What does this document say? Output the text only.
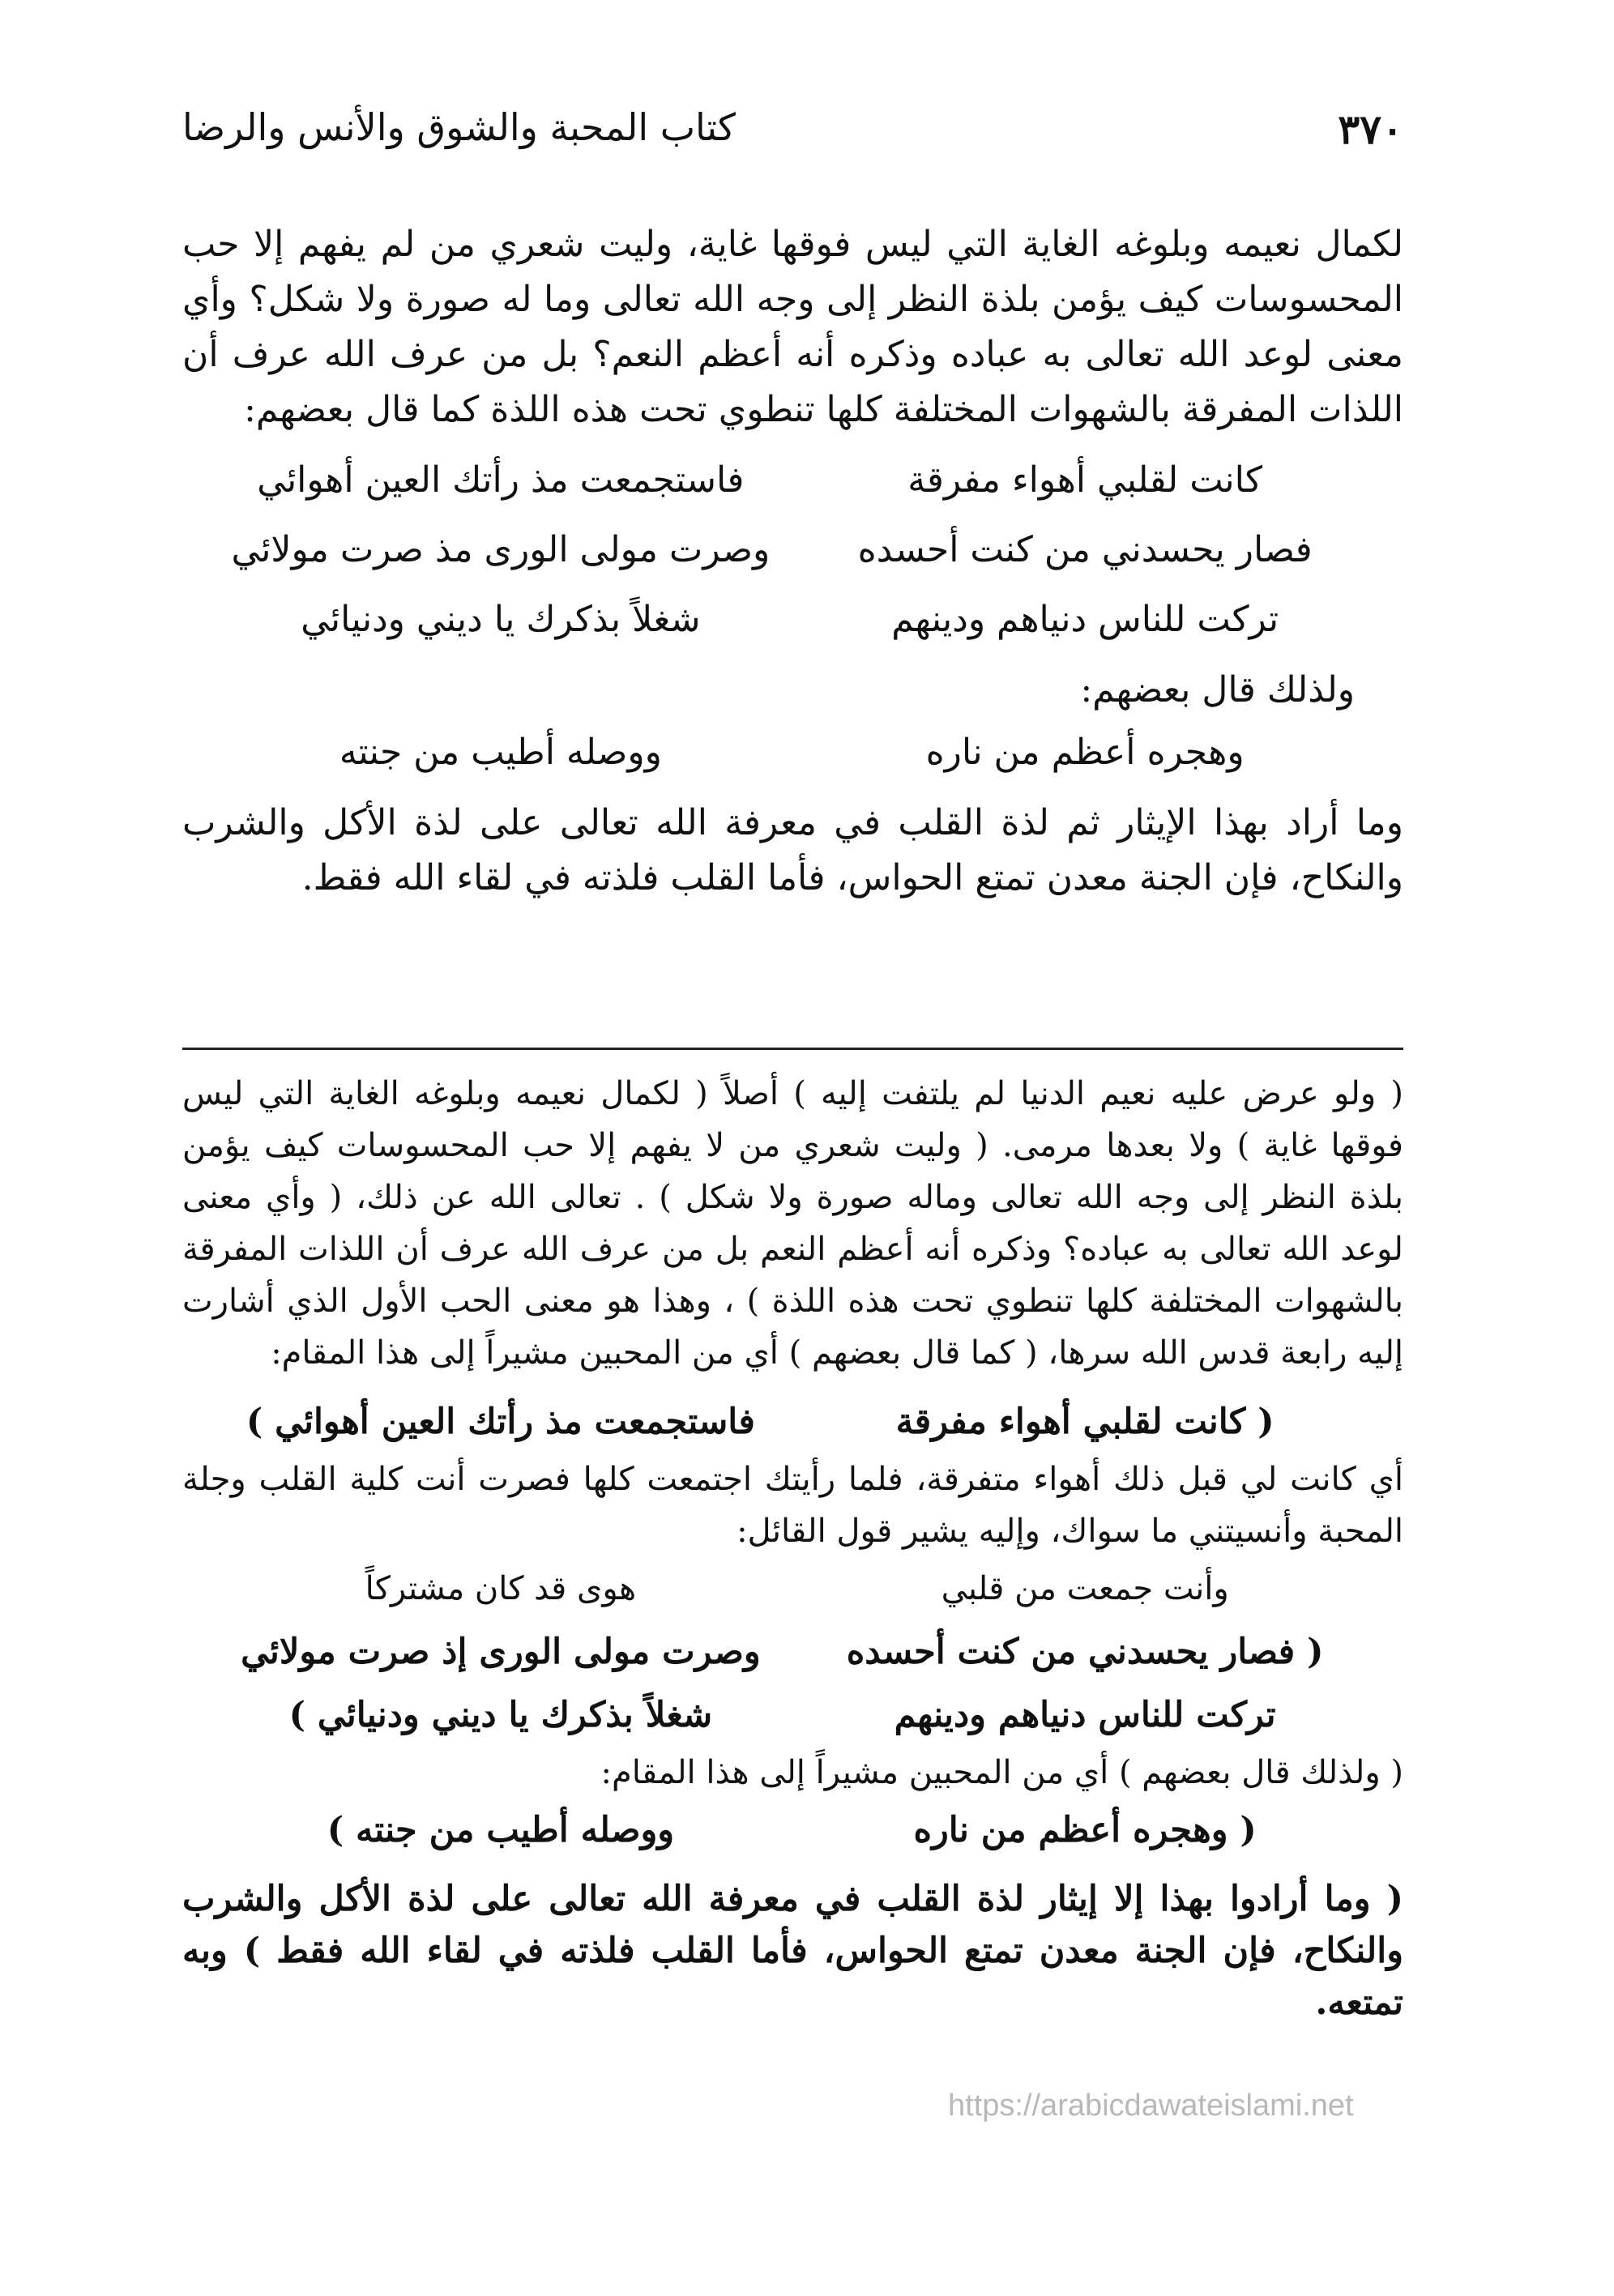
٣٧٠
كتاب المحبة والشوق والأنس والرضا

لكمال نعيمه وبلوغه الغاية التي ليس فوقها غاية، وليت شعري من لم يفهم إلا حب المحسوسات كيف يؤمن بلذة النظر إلى وجه الله تعالى وما له صورة ولا شكل؟ وأي معنى لوعد الله تعالى به عباده وذكره أنه أعظم النعم؟ بل من عرف الله عرف أن اللذات المفرقة بالشهوات المختلفة كلها تنطوي تحت هذه اللذة كما قال بعضهم:

كانت لقلبي أهواء مفرقة
فاستجمعت مذ رأتك العين أهوائي
فصار يحسدني من كنت أحسده
وصرت مولى الورى مذ صرت مولائي
تركت للناس دنياهم ودينهم
شغلاً بذكرك يا ديني ودنيائي

ولذلك قال بعضهم:

وهجره أعظم من ناره
ووصله أطيب من جنته

وما أراد بهذا الإيثار ثم لذة القلب في معرفة الله تعالى على لذة الأكل والشرب والنكاح، فإن الجنة معدن تمتع الحواس، فأما القلب فلذته في لقاء الله فقط.

( ولو عرض عليه نعيم الدنيا لم يلتفت إليه ) أصلاً ( لكمال نعيمه وبلوغه الغاية التي ليس فوقها غاية ) ولا بعدها مرمى. ( وليت شعري من لا يفهم إلا حب المحسوسات كيف يؤمن بلذة النظر إلى وجه الله تعالى وماله صورة ولا شكل ) . تعالى الله عن ذلك، ( وأي معنى لوعد الله تعالى به عباده؟ وذكره أنه أعظم النعم بل من عرف الله عرف أن اللذات المفرقة بالشهوات المختلفة كلها تنطوي تحت هذه اللذة ) ، وهذا هو معنى الحب الأول الذي أشارت إليه رابعة قدس الله سرها، ( كما قال بعضهم ) أي من المحبين مشيراً إلى هذا المقام:

( كانت لقلبي أهواء مفرقة
فاستجمعت مذ رأتك العين أهوائي )

أي كانت لي قبل ذلك أهواء متفرقة، فلما رأيتك اجتمعت كلها فصرت أنت كلية القلب وجلة المحبة وأنسيتني ما سواك، وإليه يشير قول القائل:

وأنت جمعت من قلبي
هوى قد كان مشتركاً
( فصار يحسدني من كنت أحسده
وصرت مولى الورى إذ صرت مولائي
تركت للناس دنياهم ودينهم
شغلاً بذكرك يا ديني ودنيائي )

( ولذلك قال بعضهم ) أي من المحبين مشيراً إلى هذا المقام:

( وهجره أعظم من ناره
ووصله أطيب من جنته )

( وما أرادوا بهذا إلا إيثار لذة القلب في معرفة الله تعالى على لذة الأكل والشرب والنكاح، فإن الجنة معدن تمتع الحواس، فأما القلب فلذته في لقاء الله فقط ) وبه تمتعه.

https://arabicdawateislami.net
